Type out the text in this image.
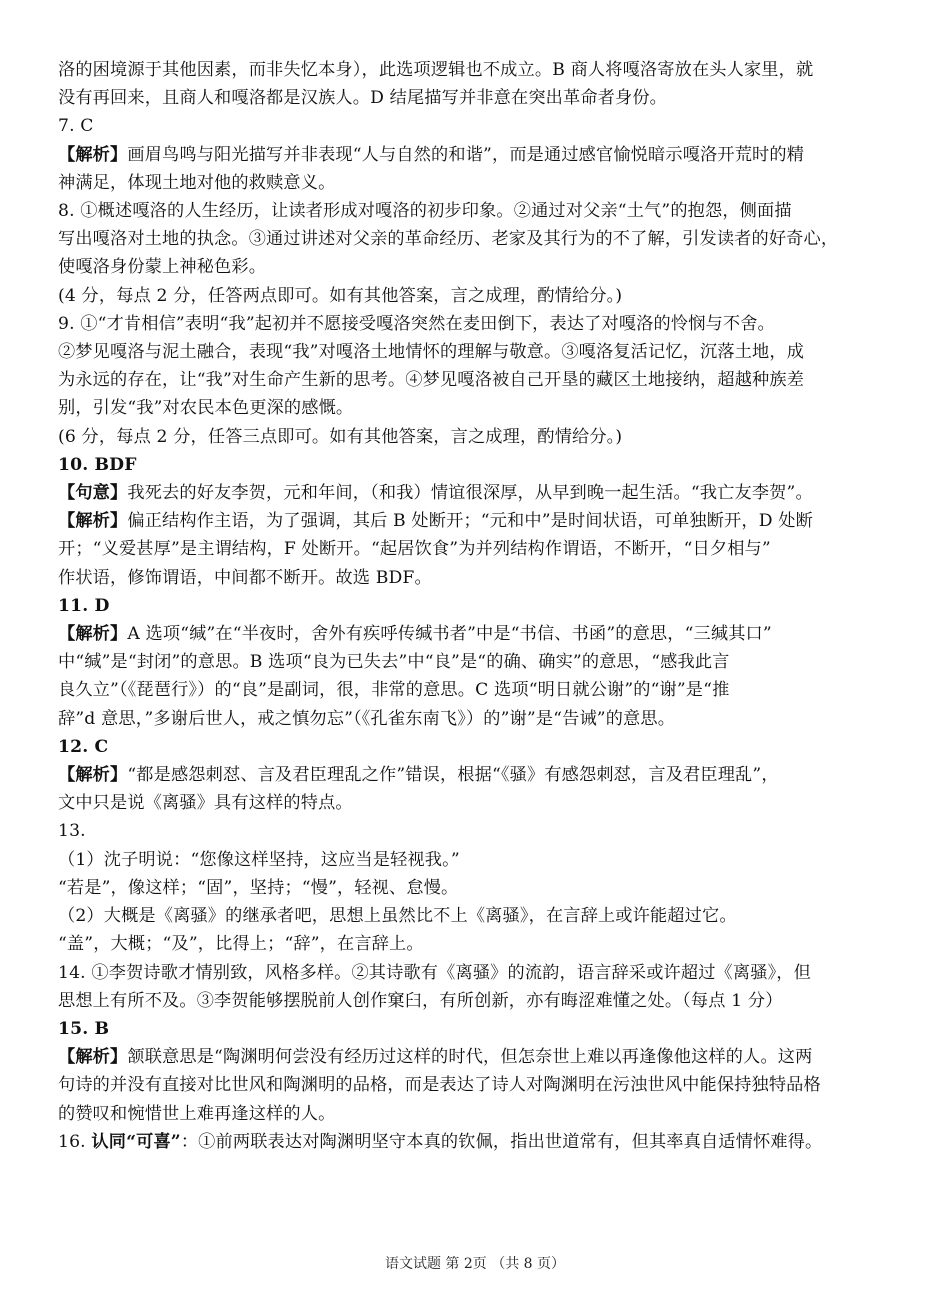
洛的困境源于其他因素，而非失忆本身），此选项逻辑也不成立。B 商人将嘎洛寄放在头人家里，就
没有再回来，且商人和嘎洛都是汉族人。D 结尾描写并非意在突出革命者身份。
7. C
【解析】画眉鸟鸣与阳光描写并非表现“人与自然的和谐”，而是通过感官愉悦暗示嘎洛开荒时的精
神满足，体现土地对他的救赎意义。
8. ①概述嘎洛的人生经历，让读者形成对嘎洛的初步印象。②通过对父亲“土气”的抱怨，侧面描
写出嘎洛对土地的执念。③通过讲述对父亲的革命经历、老家及其行为的不了解，引发读者的好奇心，
使嘎洛身份蒙上神秘色彩。
(4 分，每点 2 分，任答两点即可。如有其他答案，言之成理，酌情给分。)
9. ①“才肯相信”表明“我”起初并不愿接受嘎洛突然在麦田倒下，表达了对嘎洛的怜悯与不舍。
②梦见嘎洛与泥土融合，表现“我”对嘎洛土地情怀的理解与敬意。③嘎洛复活记忆，沉落土地，成
为永远的存在，让“我”对生命产生新的思考。④梦见嘎洛被自己开垦的藏区土地接纳，超越种族差
别，引发“我”对农民本色更深的感慨。
(6 分，每点 2 分，任答三点即可。如有其他答案，言之成理，酌情给分。)
10. BDF
【句意】我死去的好友李贺，元和年间，（和我）情谊很深厚，从早到晚一起生活。“我亡友李贺”。
【解析】偏正结构作主语，为了强调，其后 B 处断开；“元和中”是时间状语，可单独断开，D 处断
开；“义爱甚厚”是主谓结构，F 处断开。“起居饮食”为并列结构作谓语，不断开，“日夕相与”
作状语，修饰谓语，中间都不断开。故选 BDF。
11. D
【解析】A 选项“缄”在“半夜时，舍外有疾呼传缄书者”中是“书信、书函”的意思，“三缄其口”
中“缄”是“封闭”的意思。B 选项“良为已失去”中“良”是“的确、确实”的意思，“感我此言
良久立”（《琵琶行》）的“良”是副词，很，非常的意思。C 选项“明日就公谢”的“谢”是“推
辞”d 意思，”多谢后世人，戒之慎勿忘”（《孔雀东南飞》）的”谢”是“告诫”的意思。
12. C
【解析】“都是感怨刺怼、言及君臣理乱之作”错误，根据“《骚》有感怨刺怼，言及君臣理乱”，
文中只是说《离骚》具有这样的特点。
13.
（1）沈子明说：“您像这样坚持，这应当是轻视我。”
“若是”，像这样；“固”，坚持；“慢”，轻视、怠慢。
（2）大概是《离骚》的继承者吧，思想上虽然比不上《离骚》，在言辞上或许能超过它。
“盖”，大概；“及”，比得上；“辞”，在言辞上。
14. ①李贺诗歌才情别致，风格多样。②其诗歌有《离骚》的流韵，语言辞采或许超过《离骚》，但
思想上有所不及。③李贺能够摆脱前人创作窠臼，有所创新，亦有晦涩难懂之处。（每点 1 分）
15. B
【解析】颔联意思是“陶渊明何尝没有经历过这样的时代，但怎奈世上难以再逢像他这样的人。这两
句诗的并没有直接对比世风和陶渊明的品格，而是表达了诗人对陶渊明在污浊世风中能保持独特品格
的赞叹和惋惜世上难再逢这样的人。
16. 认同“可喜”：①前两联表达对陶渊明坚守本真的钦佩，指出世道常有，但其率真自适情怀难得。
语文试题 第 2页 （共 8 页）
